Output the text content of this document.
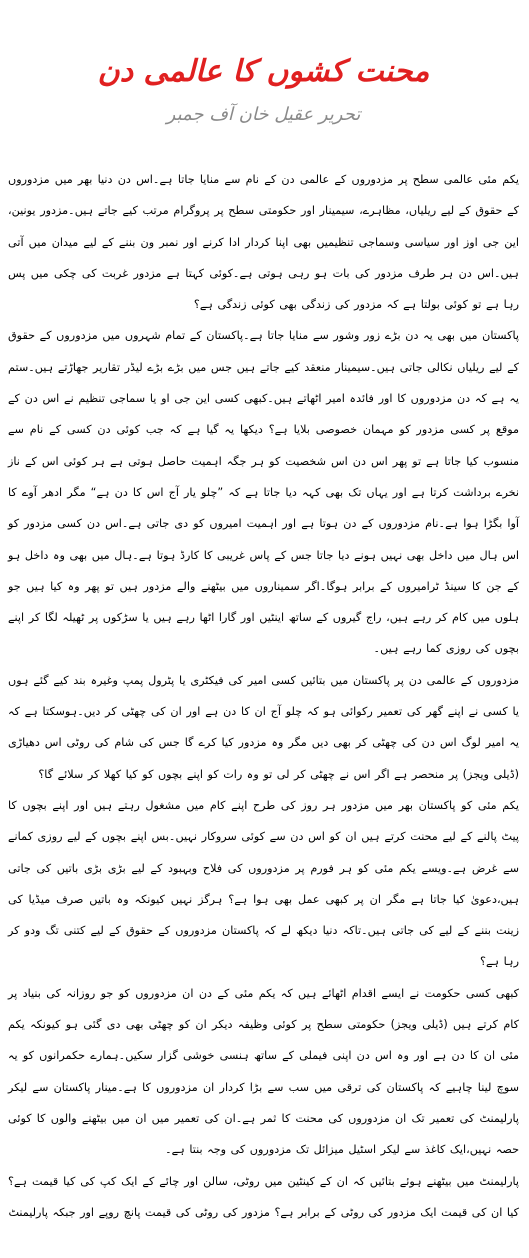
محنت کشوں کا عالمی دن
تحریر عقیل خان آف جمبر

یکم مئی عالمی سطح پر مزدوروں کے عالمی دن کے نام سے منایا جاتا ہے۔اس دن دنیا بھر میں مزدوروں کے حقوق کے لیے ریلیاں، مظاہرے، سیمینار اور حکومتی سطح پر پروگرام مرتب کیے جاتے ہیں۔مزدور یونین، این جی اوز اور سیاسی وسماجی تنظیمیں بھی اپنا کردار ادا کرنے اور نمبر ون بننے کے لیے میدان میں آتی ہیں۔اس دن ہر طرف مزدور کی بات ہو رہی ہوتی ہے۔کوئی کہتا ہے مزدور غربت کی چکی میں پس رہا ہے تو کوئی بولتا ہے کہ مزدور کی زندگی بھی کوئی زندگی ہے؟

پاکستان میں بھی یہ دن بڑے زور وشور سے منایا جاتا ہے۔پاکستان کے تمام شہروں میں مزدوروں کے حقوق کے لیے ریلیاں نکالی جاتی ہیں۔سیمینار منعقد کیے جاتے ہیں جس میں بڑے بڑے لیڈر تقاریر جھاڑتے ہیں۔ستم یہ ہے کہ دن مزدوروں کا اور فائدہ امیر اٹھاتے ہیں۔کبھی کسی این جی او یا سماجی تنظیم نے اس دن کے موقع پر کسی مزدور کو مہمان خصوصی بلایا ہے؟ دیکھا یہ گیا ہے کہ جب کوئی دن کسی کے نام سے منسوب کیا جاتا ہے تو پھر اس دن اس شخصیت کو ہر جگہ اہمیت حاصل ہوتی ہے ہر کوئی اس کے ناز نخرے برداشت کرتا ہے اور یہاں تک بھی کہہ دیا جاتا ہے کہ ”چلو یار آج اس کا دن ہے“ مگر ادھر آوے کا آوا بگڑا ہوا ہے۔نام مزدوروں کے دن ہوتا ہے اور اہمیت امیروں کو دی جاتی ہے۔اس دن کسی مزدور کو اس ہال میں داخل بھی نہیں ہونے دیا جاتا جس کے پاس غریبی کا کارڈ ہوتا ہے۔ہال میں بھی وہ داخل ہو کے جن کا سینڈ ٹرامیروں کے برابر ہوگا۔اگر سمیناروں میں بیٹھنے والے مزدور ہیں تو پھر وہ کیا ہیں جو ہلوں میں کام کر رہے ہیں، راج گیروں کے ساتھ اینٹیں اور گارا اٹھا رہے ہیں یا سڑکوں پر ٹھیلہ لگا کر اپنے بچوں کی روزی کما رہے ہیں۔

مزدوروں کے عالمی دن پر پاکستان میں بتائیں کسی امیر کی فیکٹری یا پٹرول پمپ وغیرہ بند کیے گئے ہوں یا کسی نے اپنے گھر کی تعمیر رکوائی ہو کہ چلو آج ان کا دن ہے اور ان کی چھٹی کر دیں۔ہوسکتا ہے کہ یہ امیر لوگ اس دن کی چھٹی کر بھی دیں مگر وہ مزدور کیا کرے گا جس کی شام کی روٹی اس دھیاڑی (ڈیلی ویجز) پر منحصر ہے اگر اس نے چھٹی کر لی تو وہ رات کو اپنے بچوں کو کیا کھلا کر سلائے گا؟

یکم مئی کو پاکستان بھر میں مزدور ہر روز کی طرح اپنے کام میں مشغول رہتے ہیں اور اپنے بچوں کا پیٹ پالنے کے لیے محنت کرتے ہیں ان کو اس دن سے کوئی سروکار نہیں۔بس اپنے بچوں کے لیے روزی کمانے سے غرض ہے۔ویسے یکم مئی کو ہر فورم پر مزدوروں کی فلاح وبہبود کے لیے بڑی بڑی باتیں کی جاتی ہیں،دعویٰ کیا جاتا ہے مگر ان پر کبھی عمل بھی ہوا ہے؟ ہرگز نہیں کیونکہ وہ باتیں صرف میڈیا کی زینت بننے کے لیے کی جاتی ہیں۔تاکہ دنیا دیکھ لے کہ پاکستان مزدوروں کے حقوق کے لیے کتنی تگ ودو کر رہا ہے؟

کبھی کسی حکومت نے ایسے اقدام اٹھائے ہیں کہ یکم مئی کے دن ان مزدوروں کو جو روزانہ کی بنیاد پر کام کرتے ہیں (ڈیلی ویجز) حکومتی سطح پر کوئی وظیفہ دیکر ان کو چھٹی بھی دی گئی ہو کیونکہ یکم مئی ان کا دن ہے اور وہ اس دن اپنی فیملی کے ساتھ ہنسی خوشی گزار سکیں۔ہمارے حکمرانوں کو یہ سوچ لینا چاہیے کہ پاکستان کی ترقی میں سب سے بڑا کردار ان مزدوروں کا ہے۔مینار پاکستان سے لیکر پارلیمنٹ کی تعمیر تک ان مزدوروں کی محنت کا ثمر ہے۔ان کی تعمیر میں ان میں بیٹھنے والوں کا کوئی حصہ نہیں،ایک کاغذ سے لیکر اسٹیل میزائل تک مزدوروں کی وجہ بنتا ہے۔

پارلیمنٹ میں بیٹھنے ہوئے بتائیں کہ ان کے کینٹین میں روٹی، سالن اور چائے کے ایک کپ کی کیا قیمت ہے؟ کیا ان کی قیمت ایک مزدور کی روٹی کے برابر ہے؟ مزدور کی روٹی کی قیمت پانچ روپے اور جبکہ پارلیمنٹ
